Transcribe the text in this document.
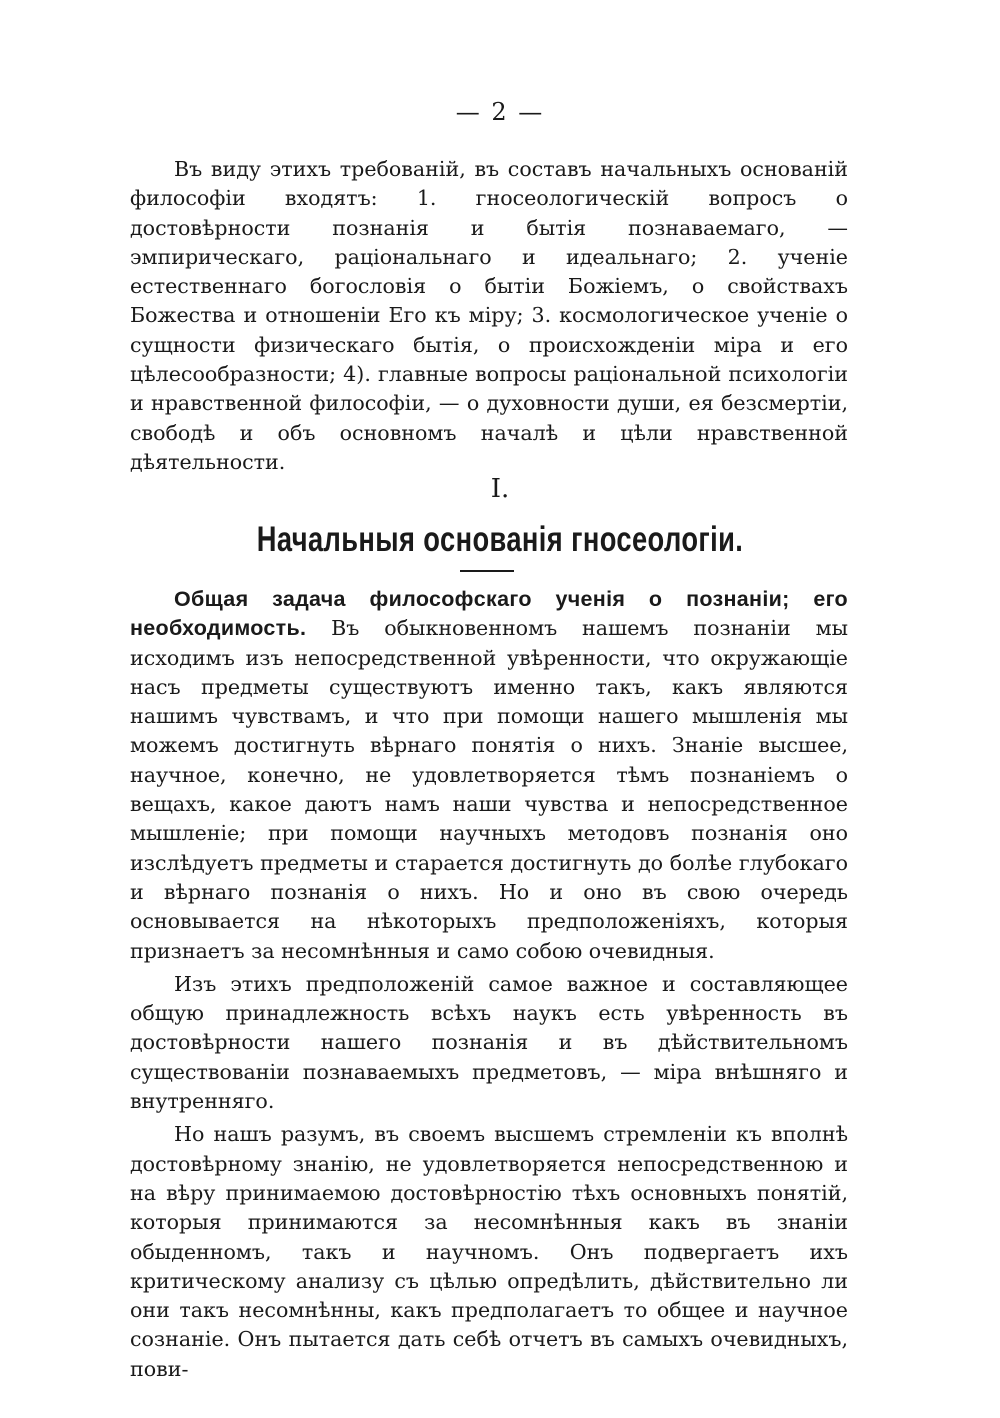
— 2 —

Въ виду этихъ требованій, въ составъ начальныхъ основаній философіи входятъ: 1. гносеологическій вопросъ о достовѣрности познанія и бытія познаваемаго, — эмпирическаго, раціональнаго и идеальнаго; 2. ученіе естественнаго богословія о бытіи Божіемъ, о свойствахъ Божества и отношеніи Его къ міру; 3. космологическое ученіе о сущности физическаго бытія, о происхожденіи міра и его цѣлесообразности; 4). главные вопросы раціональной психологіи и нравственной философіи, — о духовности души, ея безсмертіи, свободѣ и объ основномъ началѣ и цѣли нравственной дѣятельности.

I.
Начальныя основанія гносеологіи.

Общая задача философскаго ученія о познаніи; его необходимость. Въ обыкновенномъ нашемъ познаніи мы исходимъ изъ непосредственной увѣренности, что окружающіе насъ предметы существуютъ именно такъ, какъ являются нашимъ чувствамъ, и что при помощи нашего мышленія мы можемъ достигнуть вѣрнаго понятія о нихъ. Знаніе высшее, научное, конечно, не удовлетворяется тѣмъ познаніемъ о вещахъ, какое даютъ намъ наши чувства и непосредственное мышленіе; при помощи научныхъ методовъ познанія оно изслѣдуетъ предметы и старается достигнуть до болѣе глубокаго и вѣрнаго познанія о нихъ. Но и оно въ свою очередь основывается на нѣкоторыхъ предположеніяхъ, которыя признаетъ за несомнѣнныя и само собою очевидныя.

Изъ этихъ предположеній самое важное и составляющее общую принадлежность всѣхъ наукъ есть увѣренность въ достовѣрности нашего познанія и въ дѣйствительномъ существованіи познаваемыхъ предметовъ, — міра внѣшняго и внутренняго.

Но нашъ разумъ, въ своемъ высшемъ стремленіи къ вполнѣ достовѣрному знанію, не удовлетворяется непосредственною и на вѣру принимаемою достовѣрностію тѣхъ основныхъ понятій, которыя принимаются за несомнѣнныя какъ въ знаніи обыденномъ, такъ и научномъ. Онъ подвергаетъ ихъ критическому анализу съ цѣлью опредѣлить, дѣйствительно ли они такъ несомнѣнны, какъ предполагаетъ то общее и научное сознаніе. Онъ пытается дать себѣ отчетъ въ самыхъ очевидныхъ, пови-
